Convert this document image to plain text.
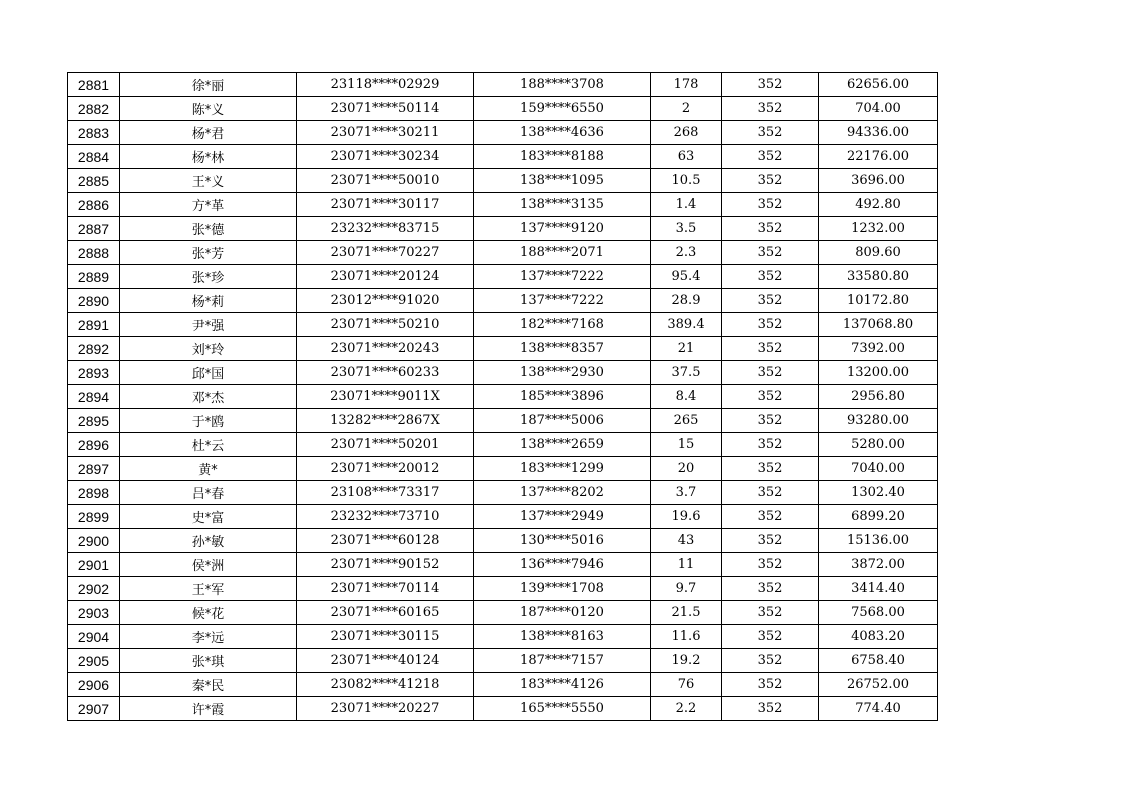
2881	徐*丽	23118****02929	188****3708	178	352	62656.00
2882	陈*义	23071****50114	159****6550	2	352	704.00
2883	杨*君	23071****30211	138****4636	268	352	94336.00
2884	杨*林	23071****30234	183****8188	63	352	22176.00
2885	王*义	23071****50010	138****1095	10.5	352	3696.00
2886	方*革	23071****30117	138****3135	1.4	352	492.80
2887	张*德	23232****83715	137****9120	3.5	352	1232.00
2888	张*芳	23071****70227	188****2071	2.3	352	809.60
2889	张*珍	23071****20124	137****7222	95.4	352	33580.80
2890	杨*莉	23012****91020	137****7222	28.9	352	10172.80
2891	尹*强	23071****50210	182****7168	389.4	352	137068.80
2892	刘*玲	23071****20243	138****8357	21	352	7392.00
2893	邱*国	23071****60233	138****2930	37.5	352	13200.00
2894	邓*杰	23071****9011X	185****3896	8.4	352	2956.80
2895	于*鸥	13282****2867X	187****5006	265	352	93280.00
2896	杜*云	23071****50201	138****2659	15	352	5280.00
2897	黄*	23071****20012	183****1299	20	352	7040.00
2898	吕*春	23108****73317	137****8202	3.7	352	1302.40
2899	史*富	23232****73710	137****2949	19.6	352	6899.20
2900	孙*敏	23071****60128	130****5016	43	352	15136.00
2901	侯*洲	23071****90152	136****7946	11	352	3872.00
2902	王*军	23071****70114	139****1708	9.7	352	3414.40
2903	候*花	23071****60165	187****0120	21.5	352	7568.00
2904	李*远	23071****30115	138****8163	11.6	352	4083.20
2905	张*琪	23071****40124	187****7157	19.2	352	6758.40
2906	秦*民	23082****41218	183****4126	76	352	26752.00
2907	许*霞	23071****20227	165****5550	2.2	352	774.40
